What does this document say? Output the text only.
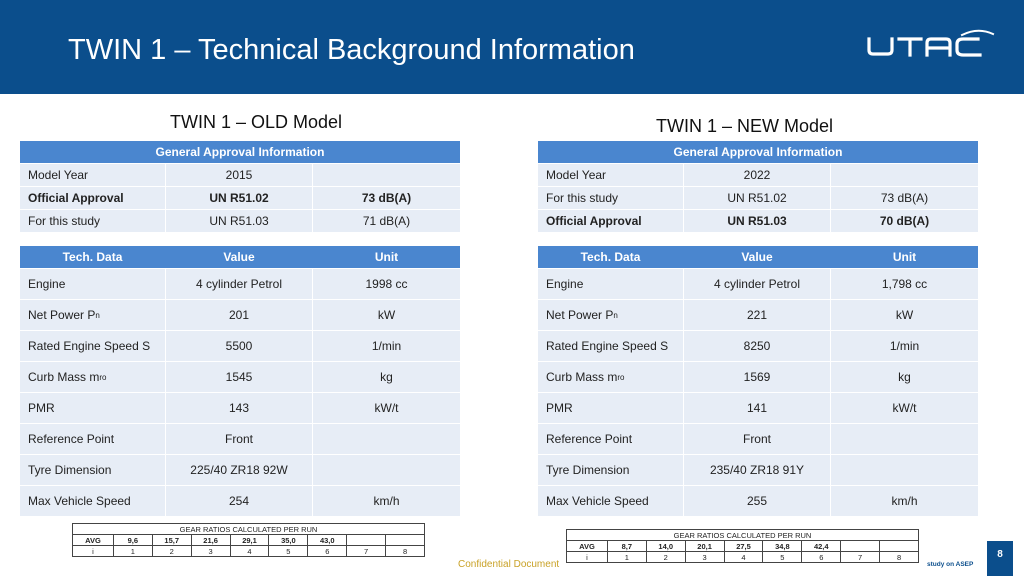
TWIN 1 – Technical Background Information
TWIN 1 – OLD Model	TWIN 1 – NEW Model
General Approval Information
Model Year	2015
Official Approval	UN R51.02	73 dB(A)
For this study	UN R51.03	71 dB(A)
Tech. Data	Value	Unit
Engine	4 cylinder Petrol	1998 cc
Net Power P n	201	kW
Rated Engine Speed S	5500	1/min
Curb Mass m ro	1545	kg
PMR	143	kW/t
Reference Point	Front
Tyre Dimension	225/40 ZR18 92W
Max Vehicle Speed	254	km/h
General Approval Information
Model Year	2022
For this study	UN R51.02	73 dB(A)
Official Approval	UN R51.03	70 dB(A)
Tech. Data	Value	Unit
Engine	4 cylinder Petrol	1,798 cc
Net Power P n	221	kW
Rated Engine Speed S	8250	1/min
Curb Mass m ro	1569	kg
PMR	141	kW/t
Reference Point	Front
Tyre Dimension	235/40 ZR18 91Y
Max Vehicle Speed	255	km/h
GEAR RATIOS CALCULATED PER RUN								
AVG	9,6	15,7	21,6	29,1	35,0	43,0		
i	1	2	3	4	5	6	7	8
GEAR RATIOS CALCULATED PER RUN								
AVG	8,7	14,0	20,1	27,5	34,8	42,4		
i	1	2	3	4	5	6	7	8
Confidential Document	study on ASEP
8
